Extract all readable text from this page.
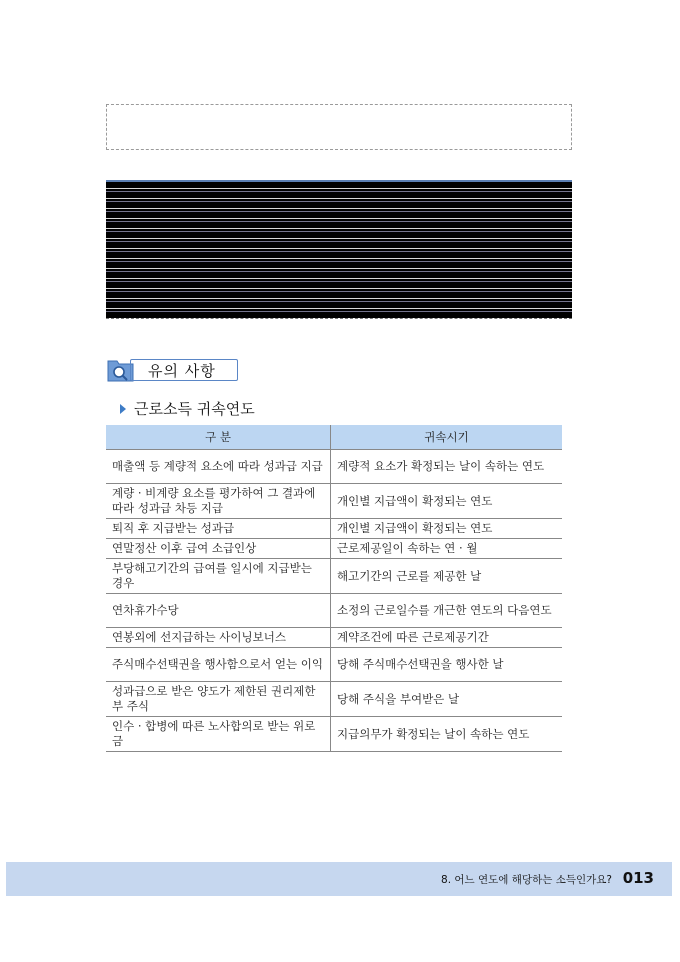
유의 사항
근로소득 귀속연도
구 분	귀속시기
매출액 등 계량적 요소에 따라 성과급 지급	계량적 요소가 확정되는 날이 속하는 연도
계량 · 비계량 요소를 평가하여 그 결과에 따라 성과급 차등 지급	개인별 지급액이 확정되는 연도
퇴직 후 지급받는 성과급	개인별 지급액이 확정되는 연도
연말정산 이후 급여 소급인상	근로제공일이 속하는 연 · 월
부당해고기간의 급여를 일시에 지급받는 경우	해고기간의 근로를 제공한 날
연차휴가수당	소정의 근로일수를 개근한 연도의 다음연도
연봉외에 선지급하는 사이닝보너스	계약조건에 따른 근로제공기간
주식매수선택권을 행사함으로서 얻는 이익	당해 주식매수선택권을 행사한 날
성과급으로 받은 양도가 제한된 권리제한부 주식	당해 주식을 부여받은 날
인수 · 합병에 따른 노사합의로 받는 위로금	지급의무가 확정되는 날이 속하는 연도
8. 어느 연도에 해당하는 소득인가요? 013
